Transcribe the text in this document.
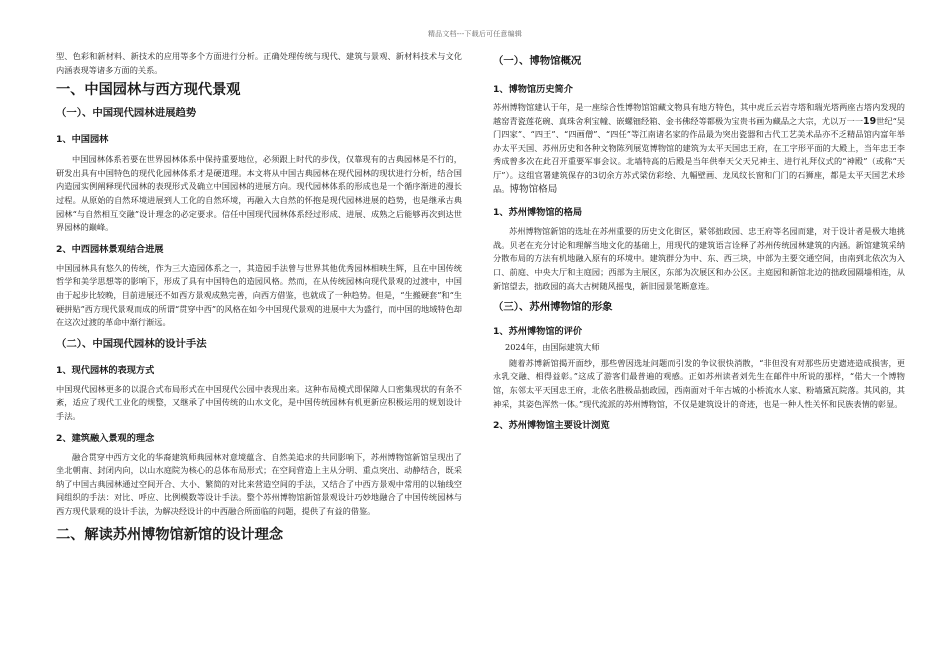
精品文档---下载后可任意编辑

型、色彩和新材料、新技术的应用等多个方面进行分析。正确处理传统与现代、建筑与景观、新材料技术与文化内涵表现等诸多方面的关系。

一、中国园林与西方现代景观
（一）、中国现代园林进展趋势
1、中国园林

中国园林体系若要在世界园林体系中保持重要地位，必须跟上时代的步伐，仅靠现有的古典园林是不行的，研发出具有中国特色的现代化园林体系才是硬道理。本文将从中国古典园林在现代园林的现状进行分析，结合国内造园实例阐释现代园林的表现形式及确立中国园林的进展方向。现代园林体系的形成也是一个循序渐进的漫长过程。从原始的自然环境进展到人工化的自然环境，再融入大自然的怀抱是现代园林进展的趋势，也是继承古典园林“与自然相互交融”设计理念的必定要求。信任中国现代园林体系经过形成、进展、成熟之后能够再次到达世界园林的巅峰。

2、中西园林景观结合进展

中国园林具有悠久的传统，作为三大造园体系之一，其造园手法曾与世界其他优秀园林相映生辉，且在中国传统哲学和美学思想等的影响下，形成了具有中国特色的造园风格。然而，在从传统园林向现代景观的过渡中，中国由于起步比较晚，目前进展还不如西方景观成熟完善，向西方借鉴，也就成了一种趋势。但是，“生搬硬套”和“生硬拼贴”西方现代景观而成的所谓“贯穿中西”的风格在如今中国现代景观的进展中大为盛行，而中国的地域特色却在这次过渡的革命中渐行渐远。

（二）、中国现代园林的设计手法
1、现代园林的表现方式

中国现代园林更多的以混合式布局形式在中国现代公园中表现出来。这种布局模式即保障人口密集现状的有条不紊，适应了现代工业化的规整，又继承了中国传统的山水文化，是中国传统园林有机更新应积极运用的规划设计手法。

2、建筑融入景观的理念

融合贯穿中西方文化的华裔建筑师典园林对意境蕴含、自然美追求的共同影响下，苏州博物馆新馆呈现出了坐北朝南、封闭内向，以山水庭院为核心的总体布局形式；在空间营造上主从分明、重点突出、动静结合，既采纳了中国古典园林通过空间开合、大小、繁简的对比来营造空间的手法，又结合了中西方景观中常用的以轴线空间组织的手法：对比、呼应、比例模数等设计手法。整个苏州博物馆新馆景观设计巧妙地融合了中国传统园林与西方现代景观的设计手法，为解决经设计的中西融合所面临的问题，提供了有益的借鉴。

二、解读苏州博物馆新馆的设计理念
（一）、博物馆概况
1、博物馆历史简介

苏州博物馆建认于年，是一座综合性博物馆馆藏文物具有地方特色，其中虎丘云岩寺塔和瑞光塔两座古塔内发现的越窑青瓷莲花碗、真珠舍利宝幢、嵌螺钿经箱、金书佛经等都极为宝贵书画为藏品之大宗，尤以万一一19世纪“吴门四家”、“四王”、“四画僧”、“四任”等江南诸名家的作品最为突出瓷器和古代工艺美术品亦不乏精品馆内富年举办太平天国、苏州历史和各种文物陈列展览博物馆的建筑为太平天国忠王府，在工字形平面的大殿上，当年忠王李秀成曾多次在此召开重要军事会议。北墙特高的后殿是当年供奉天父天兄神主、进行礼拜仪式的“神殿”（或称“天厅”）。这组官署建筑保存的3切余方苏式梁仿彩绘、九幅壁画、龙凤纹长窗和门门的石狮座，都是太平天国艺术珍品。博物馆格局

1、苏州博物馆的格局

苏州博物馆新馆的选址在苏州重要的历史文化街区，紧邻拙政园、忠王府等名园而建，对于设计者是极大地挑战。贝老在充分讨论和理解当地文化的基础上，用现代的建筑语言诠释了苏州传统园林建筑的内涵。新馆建筑采纳分散布局的方法有机地融入原有的环境中。建筑群分为中、东、西三块，中部为主要交通空间，由南到北依次为入口、前庭、中央大厅和主庭园；西部为主展区，东部为次展区和办公区。主庭园和新馆北边的拙政园隔墙相连，从新馆望去，拙政园的高大古树随风摇曳，新旧园景笔断意连。

（三）、苏州博物馆的形象
1、苏州博物馆的评价

2024年，由国际建筑大师

随着苏博新馆揭开面纱，那些曾因选址问题而引发的争议很快消散，“非但没有对那些历史遗迹造成损害，更永乳交融、相得益彰。”这成了游客们最普遍的观感。正如苏州读者刘先生在邮件中所说的那样，“偌大一个博物馆，东邻太平天国忠王府，北依名胜极品拙政园，西南面对千年古城的小桥流水人家、粉墙黛瓦院落。其风韵，其神采，其姿色浑然一体。”现代流派的苏州博物馆，不仅是建筑设计的奇迹，也是一种人性关怀和民族表情的彰显。

2、苏州博物馆主要设计浏览
